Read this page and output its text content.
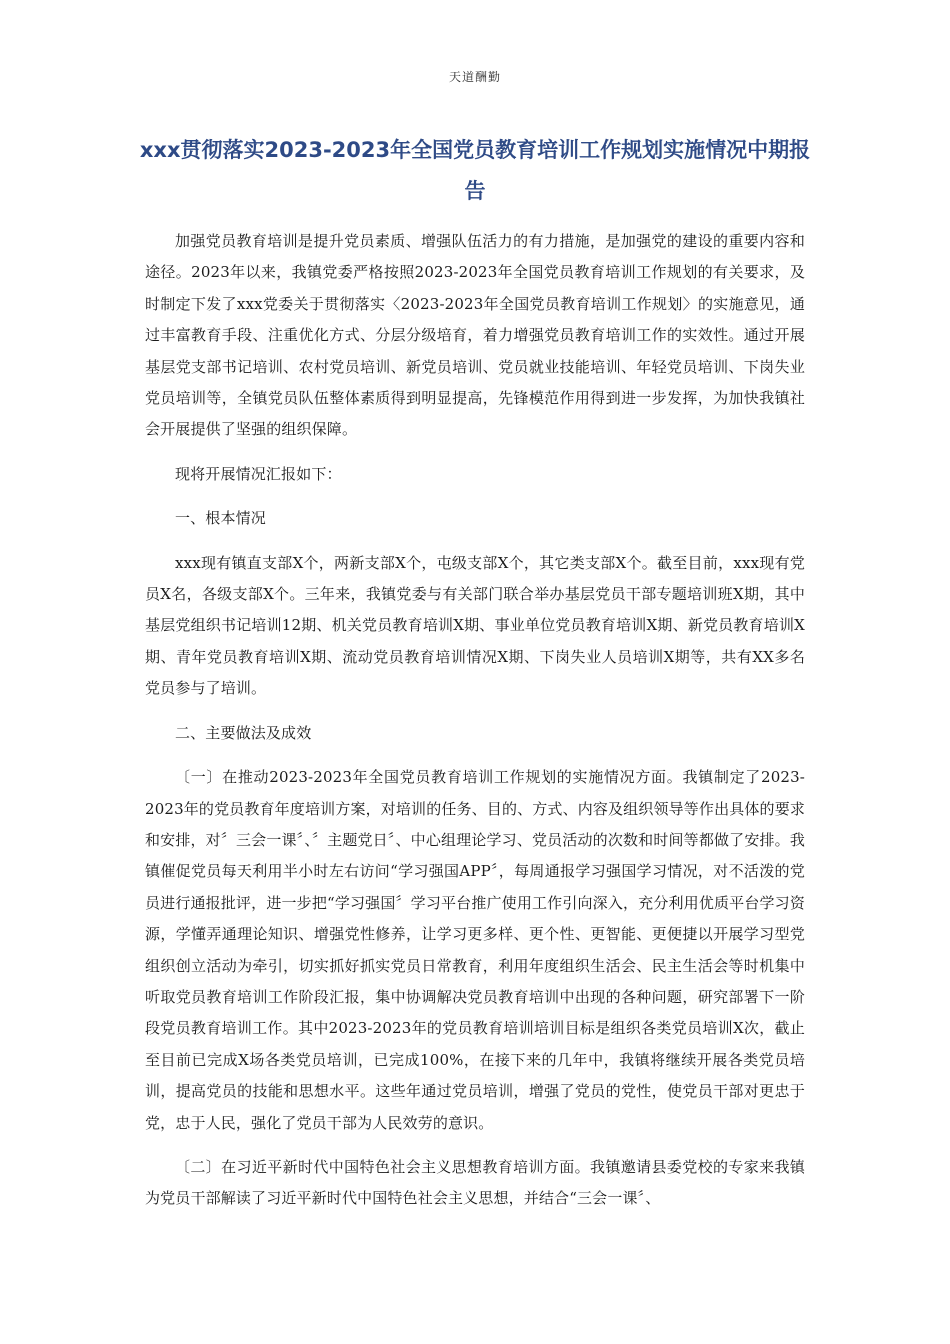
天道酬勤
xxx贯彻落实2023-2023年全国党员教育培训工作规划实施情况中期报告

加强党员教育培训是提升党员素质、增强队伍活力的有力措施，是加强党的建设的重要内容和途径。2023年以来，我镇党委严格按照2023-2023年全国党员教育培训工作规划的有关要求，及时制定下发了xxx党委关于贯彻落实〈2023-2023年全国党员教育培训工作规划〉的实施意见，通过丰富教育手段、注重优化方式、分层分级培育，着力增强党员教育培训工作的实效性。通过开展基层党支部书记培训、农村党员培训、新党员培训、党员就业技能培训、年轻党员培训、下岗失业党员培训等，全镇党员队伍整体素质得到明显提高，先锋模范作用得到进一步发挥，为加快我镇社会开展提供了坚强的组织保障。

现将开展情况汇报如下：

一、根本情况

xxx现有镇直支部X个，两新支部X个，屯级支部X个，其它类支部X个。截至目前，xxx现有党员X名，各级支部X个。三年来，我镇党委与有关部门联合举办基层党员干部专题培训班X期，其中基层党组织书记培训12期、机关党员教育培训X期、事业单位党员教育培训X期、新党员教育培训X期、青年党员教育培训X期、流动党员教育培训情况X期、下岗失业人员培训X期等，共有XX多名党员参与了培训。

二、主要做法及成效

〔一〕在推动2023-2023年全国党员教育培训工作规划的实施情况方面。我镇制定了2023-2023年的党员教育年度培训方案，对培训的任务、目的、方式、内容及组织领导等作出具体的要求和安排，对〞三会一课〞、〞主题党日〞、中心组理论学习、党员活动的次数和时间等都做了安排。我镇催促党员每天利用半小时左右访问“学习强国APP〞，每周通报学习强国学习情况，对不活泼的党员进行通报批评，进一步把“学习强国〞学习平台推广使用工作引向深入，充分利用优质平台学习资源，学懂弄通理论知识、增强党性修养，让学习更多样、更个性、更智能、更便捷以开展学习型党组织创立活动为牵引，切实抓好抓实党员日常教育，利用年度组织生活会、民主生活会等时机集中听取党员教育培训工作阶段汇报，集中协调解决党员教育培训中出现的各种问题，研究部署下一阶段党员教育培训工作。其中2023-2023年的党员教育培训培训目标是组织各类党员培训X次，截止至目前已完成X场各类党员培训，已完成100%，在接下来的几年中，我镇将继续开展各类党员培训，提高党员的技能和思想水平。这些年通过党员培训，增强了党员的党性，使党员干部对更忠于党，忠于人民，强化了党员干部为人民效劳的意识。

〔二〕在习近平新时代中国特色社会主义思想教育培训方面。我镇邀请县委党校的专家来我镇为党员干部解读了习近平新时代中国特色社会主义思想，并结合“三会一课〞、
